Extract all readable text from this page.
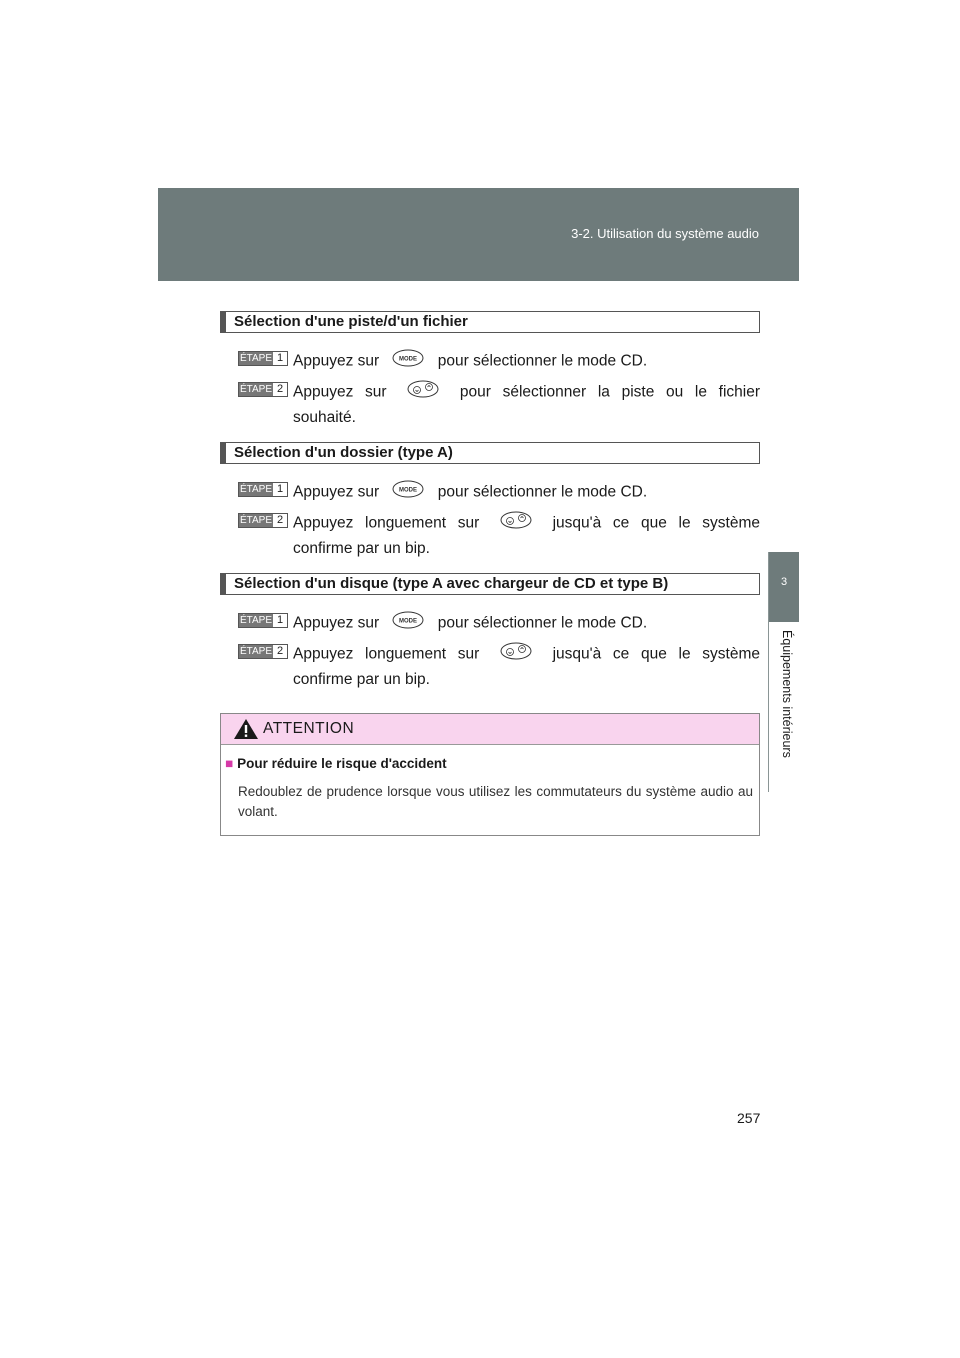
3-2. Utilisation du système audio
3
Équipements intérieurs
Sélection d'une piste/d'un fichier
ÉTAPE 1 Appuyez sur	MODE pour sélectionner le mode CD.
ÉTAPE 2 Appuyez sur	pour sélectionner la piste ou le fichier
souhaité.
Sélection d'un dossier (type A)
ÉTAPE 1 Appuyez sur	MODE pour sélectionner le mode CD.
ÉTAPE 2 Appuyez longuement sur	jusqu'à ce que le système
confirme par un bip.
Sélection d'un disque (type A avec chargeur de CD et type B)
ÉTAPE 1 Appuyez sur	MODE pour sélectionner le mode CD.
ÉTAPE 2 Appuyez longuement sur	jusqu'à ce que le système
confirme par un bip.
ATTENTION
■ Pour réduire le risque d'accident
Redoublez de prudence lorsque vous utilisez les commutateurs du système audio au volant.
257
